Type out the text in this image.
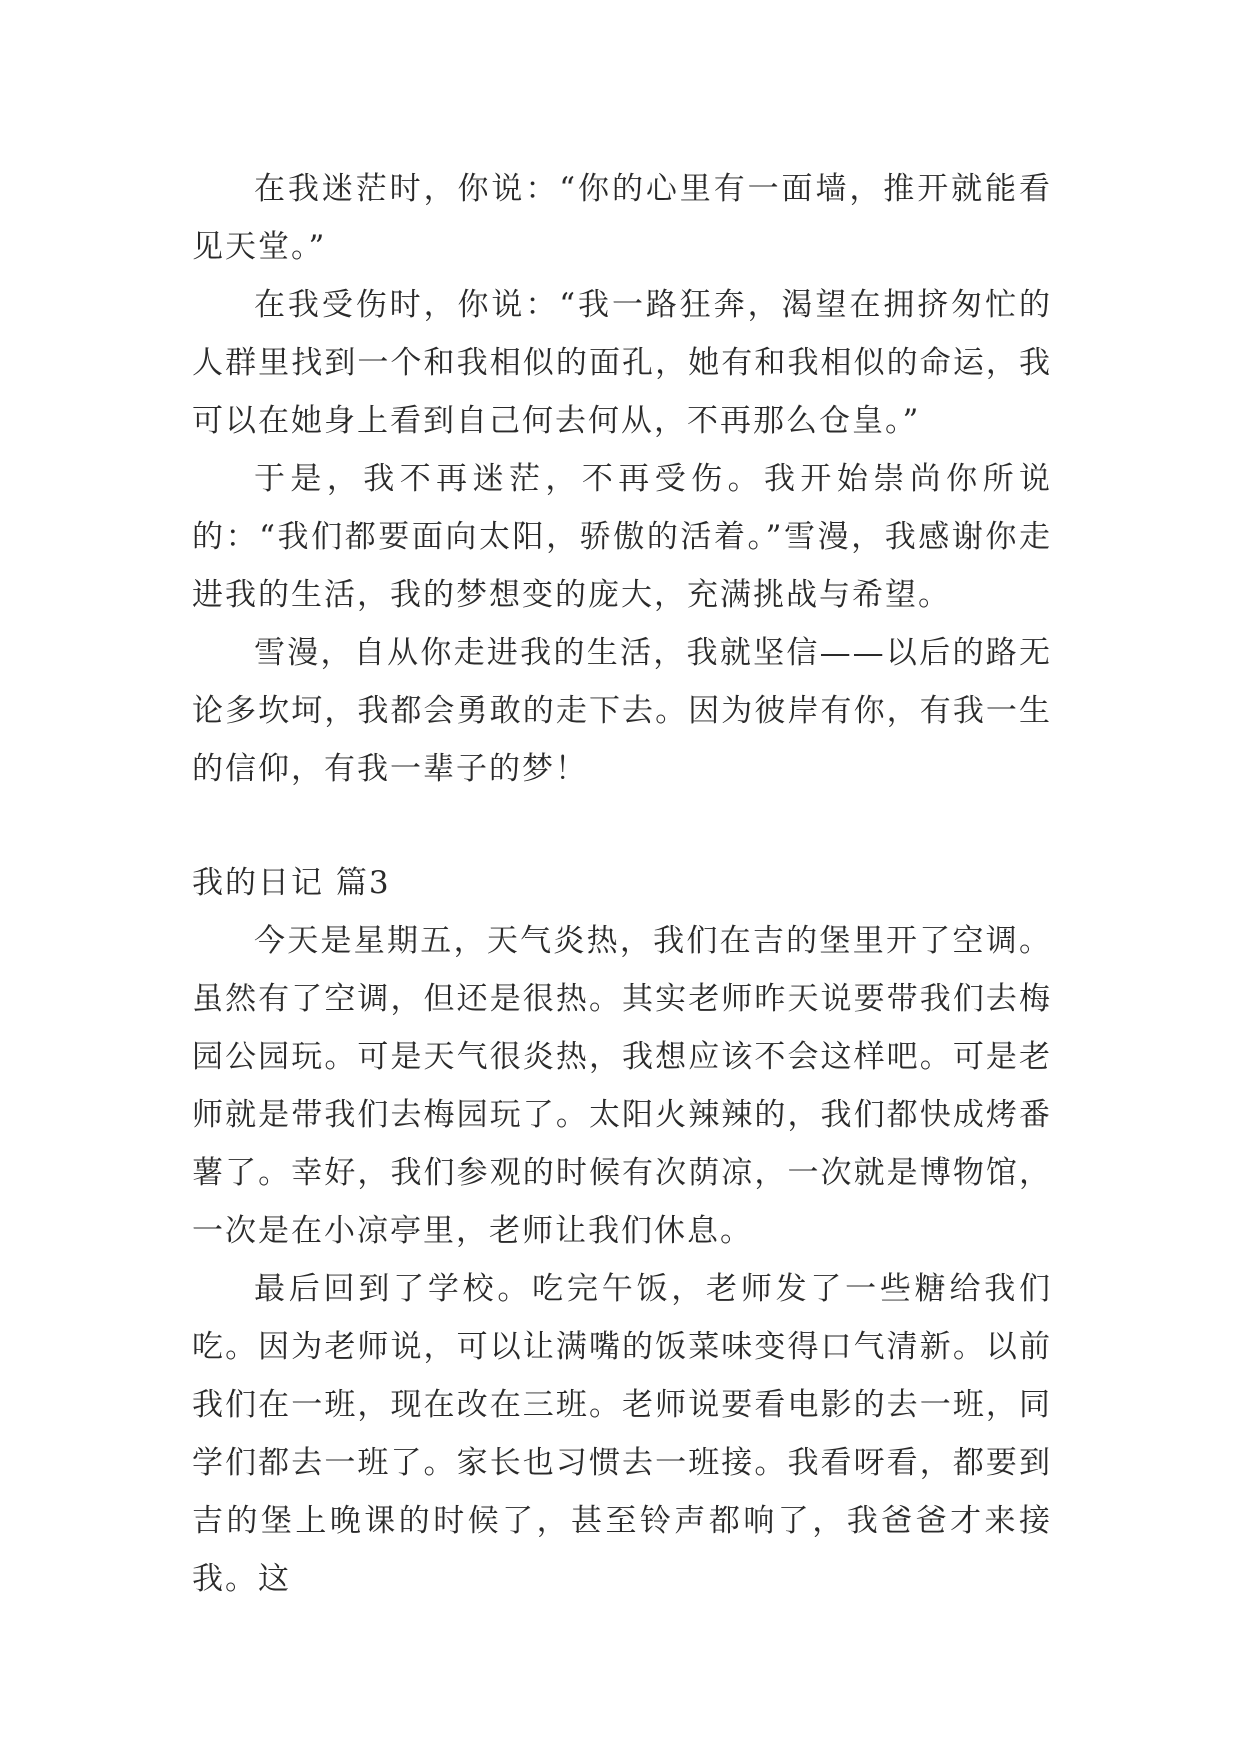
在我迷茫时，你说：“你的心里有一面墙，推开就能看见天堂。”

在我受伤时，你说：“我一路狂奔，渴望在拥挤匆忙的人群里找到一个和我相似的面孔，她有和我相似的命运，我可以在她身上看到自己何去何从，不再那么仓皇。”

于是，我不再迷茫，不再受伤。我开始崇尚你所说的：“我们都要面向太阳，骄傲的活着。”雪漫，我感谢你走进我的生活，我的梦想变的庞大，充满挑战与希望。

雪漫，自从你走进我的生活，我就坚信——以后的路无论多坎坷，我都会勇敢的走下去。因为彼岸有你，有我一生的信仰，有我一辈子的梦！

我的日记 篇3

今天是星期五，天气炎热，我们在吉的堡里开了空调。虽然有了空调，但还是很热。其实老师昨天说要带我们去梅园公园玩。可是天气很炎热，我想应该不会这样吧。可是老师就是带我们去梅园玩了。太阳火辣辣的，我们都快成烤番薯了。幸好，我们参观的时候有次荫凉，一次就是博物馆，一次是在小凉亭里，老师让我们休息。

最后回到了学校。吃完午饭，老师发了一些糖给我们吃。因为老师说，可以让满嘴的饭菜味变得口气清新。以前我们在一班，现在改在三班。老师说要看电影的去一班，同学们都去一班了。家长也习惯去一班接。我看呀看，都要到吉的堡上晚课的时候了，甚至铃声都响了，我爸爸才来接我。这
